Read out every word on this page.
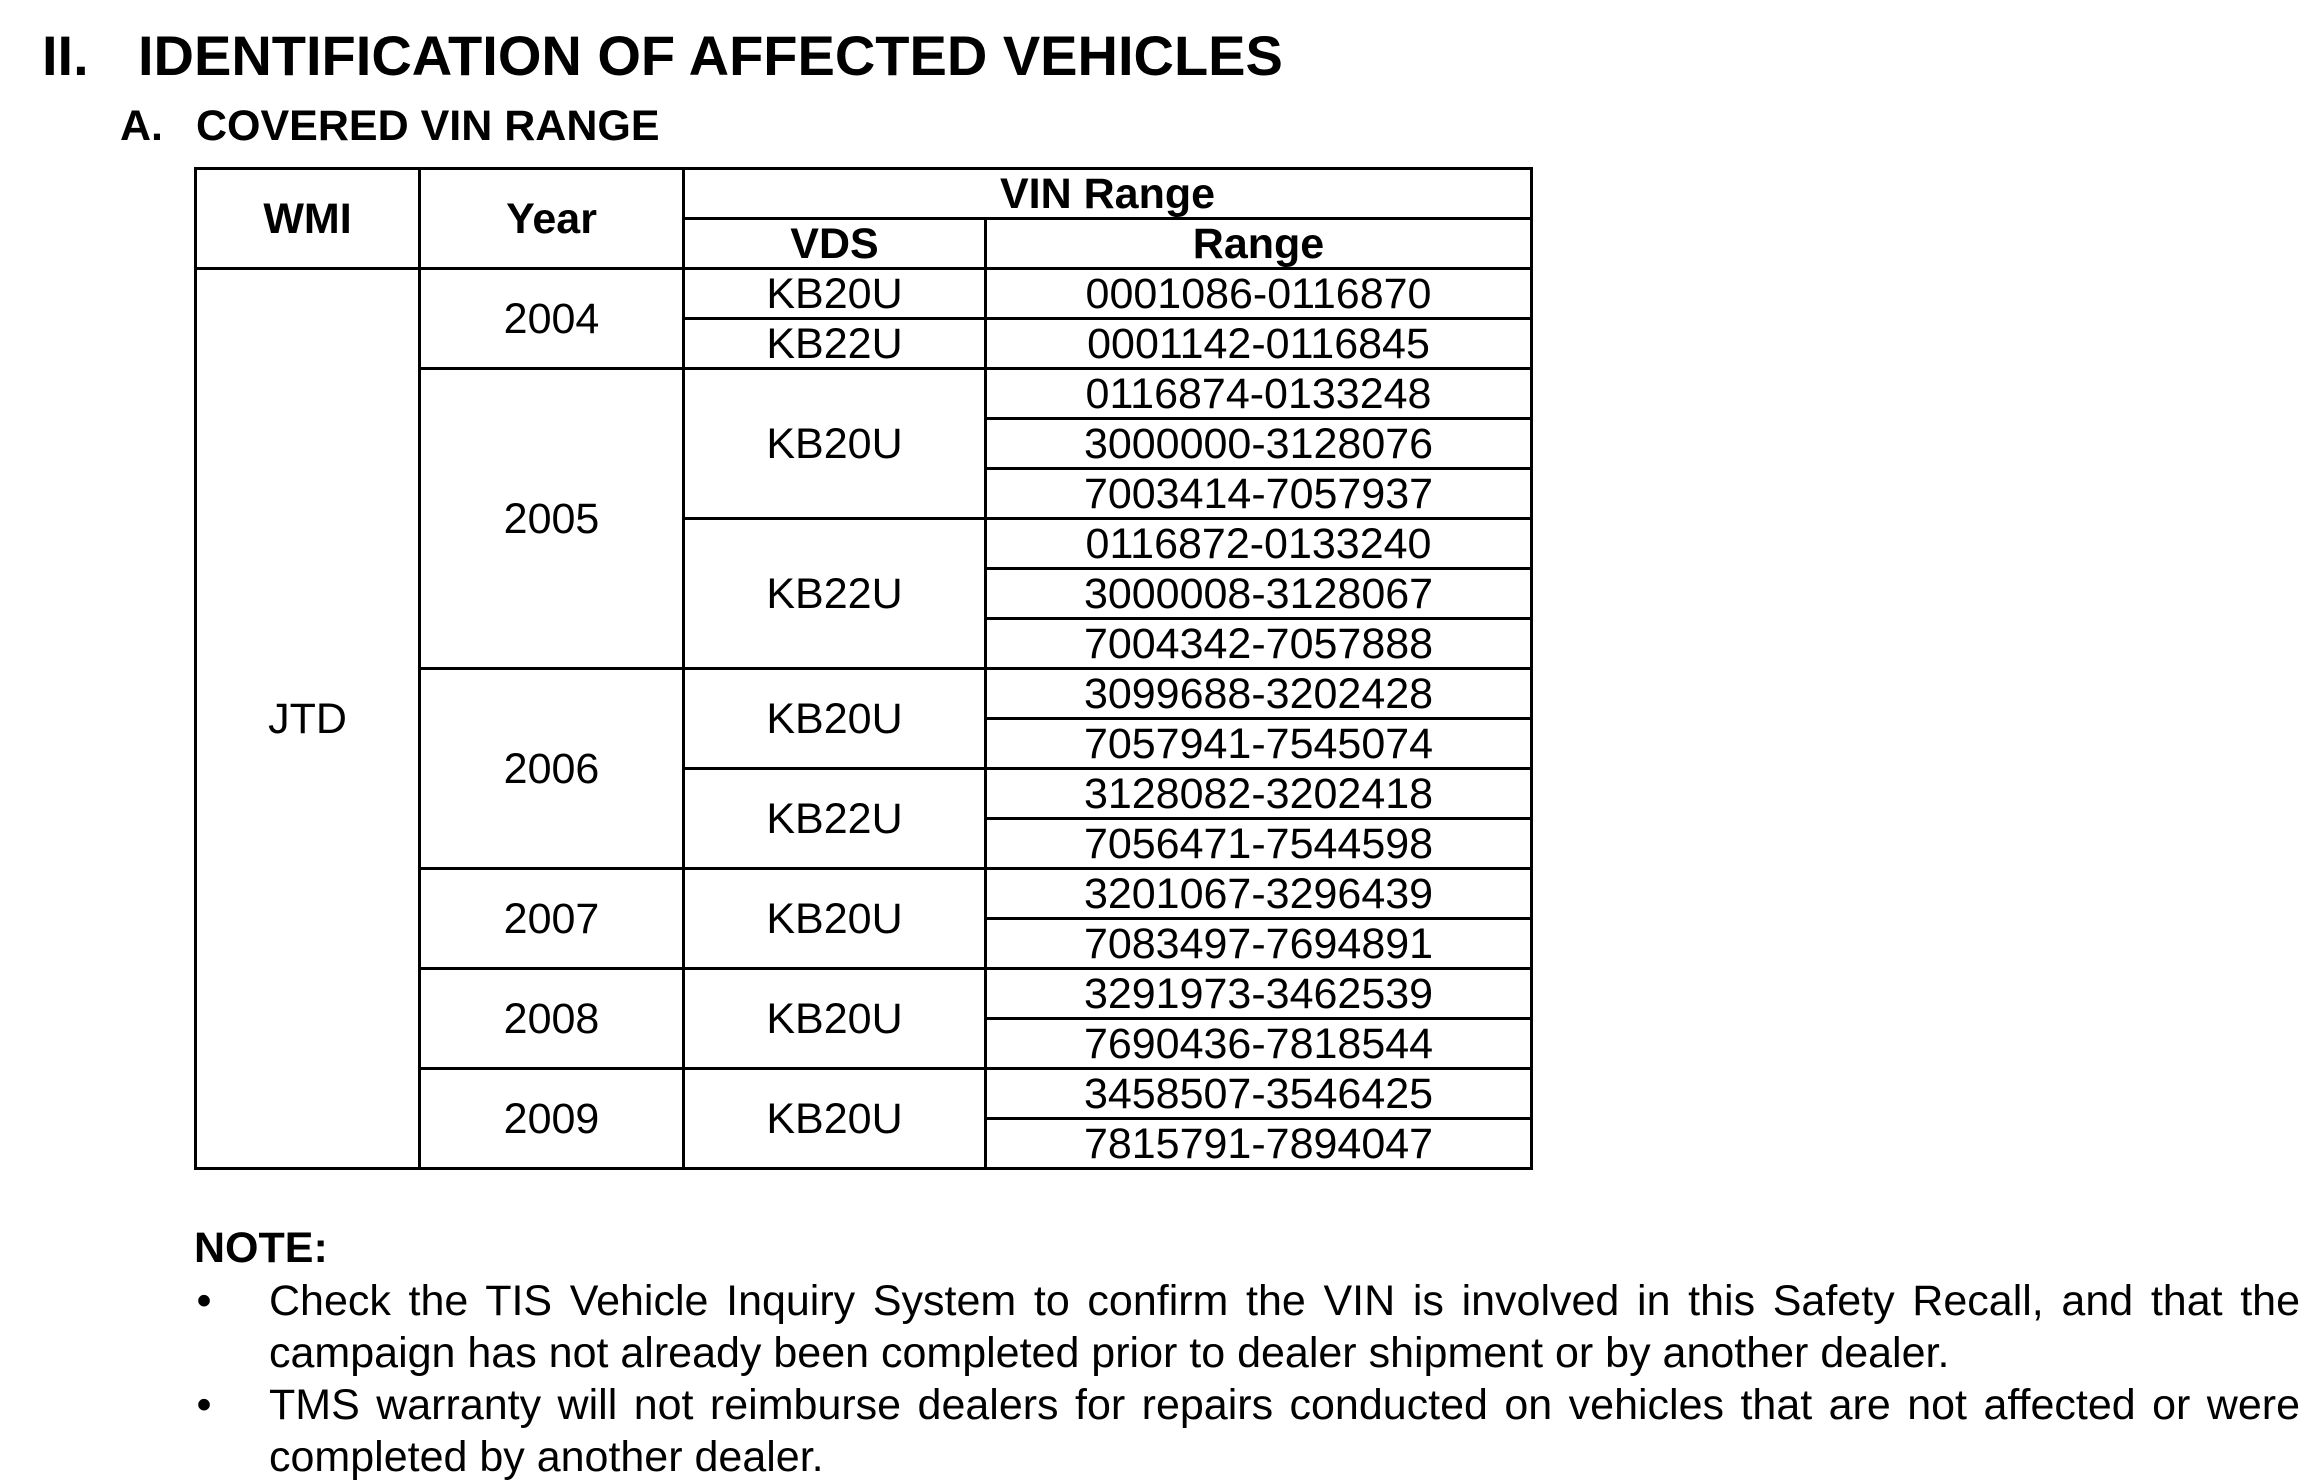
II. IDENTIFICATION OF AFFECTED VEHICLES
A. COVERED VIN RANGE
WMI	Year	VIN Range	
		VDS	Range
JTD	2004	KB20U	0001086-0116870
		KB22U	0001142-0116845
	2005	KB20U	0116874-0133248
			3000000-3128076
			7003414-7057937
		KB22U	0116872-0133240
			3000008-3128067
			7004342-7057888
	2006	KB20U	3099688-3202428
			7057941-7545074
		KB22U	3128082-3202418
			7056471-7544598
	2007	KB20U	3201067-3296439
			7083497-7694891
	2008	KB20U	3291973-3462539
			7690436-7818544
	2009	KB20U	3458507-3546425
			7815791-7894047
NOTE:
• Check the TIS Vehicle Inquiry System to confirm the VIN is involved in this Safety Recall, and that the campaign has not already been completed prior to dealer shipment or by another dealer.
• TMS warranty will not reimburse dealers for repairs conducted on vehicles that are not affected or were completed by another dealer.
